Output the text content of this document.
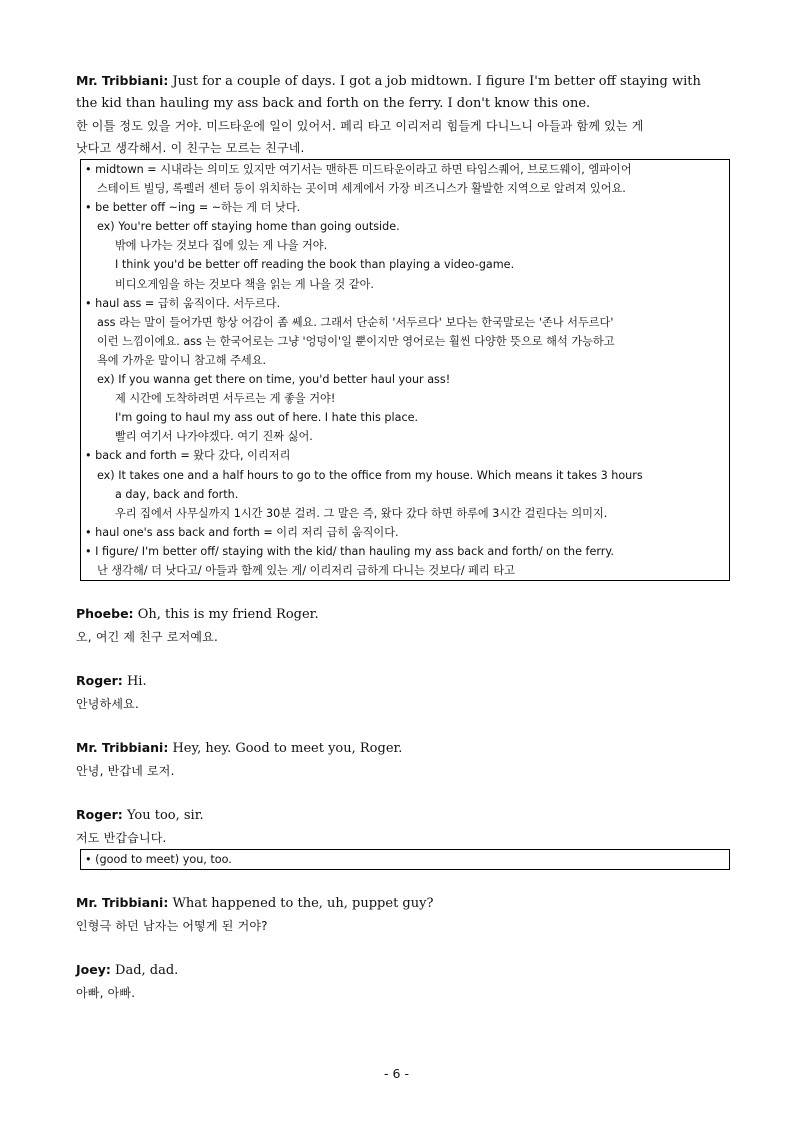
Mr. Tribbiani: Just for a couple of days. I got a job midtown. I figure I'm better off staying with
the kid than hauling my ass back and forth on the ferry. I don't know this one.
한 이틀 정도 있을 거야. 미드타운에 일이 있어서. 페리 타고 이리저리 힘들게 다니느니 아들과 함께 있는 게
낫다고 생각해서. 이 친구는 모르는 친구네.
• midtown = 시내라는 의미도 있지만 여기서는 맨하튼 미드타운이라고 하면 타임스퀘어, 브로드웨이, 엠파이어
스테이트 빌딩, 록펠러 센터 등이 위치하는 곳이며 세계에서 가장 비즈니스가 활발한 지역으로 알려져 있어요.
• be better off ~ing = ~하는 게 더 낫다.
ex) You're better off staying home than going outside.
밖에 나가는 것보다 집에 있는 게 나을 거야.
I think you'd be better off reading the book than playing a video-game.
비디오게임을 하는 것보다 책을 읽는 게 나을 것 같아.
• haul ass = 급히 움직이다. 서두르다.
ass 라는 말이 들어가면 항상 어감이 좀 쎄요. 그래서 단순히 '서두르다' 보다는 한국말로는 '존나 서두르다'
이런 느낌이에요. ass 는 한국어로는 그냥 '엉덩이'일 뿐이지만 영어로는 훨씬 다양한 뜻으로 해석 가능하고
욕에 가까운 말이니 참고해 주세요.
ex) If you wanna get there on time, you'd better haul your ass!
제 시간에 도착하려면 서두르는 게 좋을 거야!
I'm going to haul my ass out of here. I hate this place.
빨리 여기서 나가야겠다. 여기 진짜 싫어.
• back and forth = 왔다 갔다, 이리저리
ex) It takes one and a half hours to go to the office from my house. Which means it takes 3 hours
a day, back and forth.
우리 집에서 사무실까지 1시간 30분 걸려. 그 말은 즉, 왔다 갔다 하면 하루에 3시간 걸린다는 의미지.
• haul one's ass back and forth = 이리 저리 급히 움직이다.
• I figure/ I'm better off/ staying with the kid/ than hauling my ass back and forth/ on the ferry.
난 생각해/ 더 낫다고/ 아들과 함께 있는 게/ 이리저리 급하게 다니는 것보다/ 페리 타고
Phoebe: Oh, this is my friend Roger.
오, 여긴 제 친구 로저예요.
Roger: Hi.
안녕하세요.
Mr. Tribbiani: Hey, hey. Good to meet you, Roger.
안녕, 반갑네 로저.
Roger: You too, sir.
저도 반갑습니다.
• (good to meet) you, too.
Mr. Tribbiani: What happened to the, uh, puppet guy?
인형극 하던 남자는 어떻게 된 거야?
Joey: Dad, dad.
아빠, 아빠.
- 6 -
